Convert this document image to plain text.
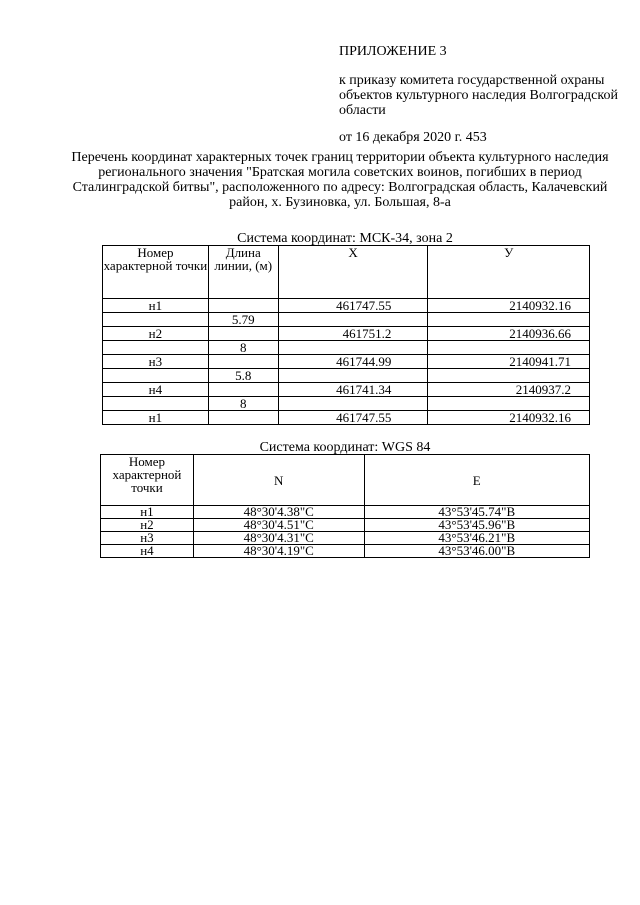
ПРИЛОЖЕНИЕ 3
к приказу комитета государственной охраны объектов культурного наследия Волгоградской области
от 16 декабря 2020 г. 453
Перечень координат характерных точек границ территории объекта культурного наследия регионального значения "Братская могила советских воинов, погибших в период Сталинградской битвы", расположенного по адресу: Волгоградская область, Калачевский район, х. Бузиновка, ул. Большая, 8-а
Система координат: МСК-34, зона 2
Номер характерной точки	Длина линии, (м)	X	У
н1		461747.55	2140932.16
	5.79		
н2		461751.2	2140936.66
	8		
н3		461744.99	2140941.71
	5.8		
н4		461741.34	2140937.2
	8		
н1		461747.55	2140932.16
Система координат: WGS 84
Номер характерной точки	N	E
н1	48°30'4.38"С	43°53'45.74"В
н2	48°30'4.51"С	43°53'45.96"В
н3	48°30'4.31"С	43°53'46.21"В
н4	48°30'4.19"С	43°53'46.00"В
